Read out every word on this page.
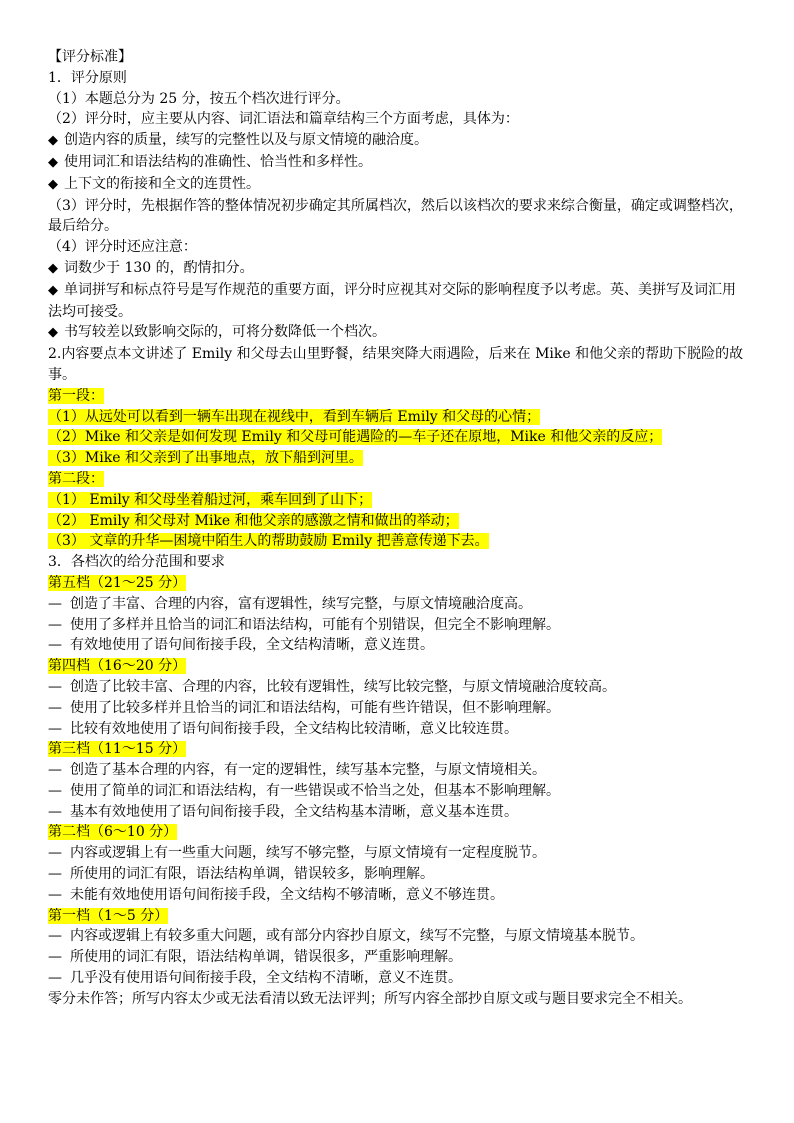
【评分标准】

1．评分原则

（1）本题总分为 25 分，按五个档次进行评分。

（2）评分时，应主要从内容、词汇语法和篇章结构三个方面考虑，具体为：

◆ 创造内容的质量，续写的完整性以及与原文情境的融洽度。

◆ 使用词汇和语法结构的准确性、恰当性和多样性。

◆ 上下文的衔接和全文的连贯性。

（3）评分时，先根据作答的整体情况初步确定其所属档次，然后以该档次的要求来综合衡量，确定或调整档次，最后给分。

（4）评分时还应注意：

◆ 词数少于 130 的，酌情扣分。

◆ 单词拼写和标点符号是写作规范的重要方面，评分时应视其对交际的影响程度予以考虑。英、美拼写及词汇用法均可接受。

◆ 书写较差以致影响交际的，可将分数降低一个档次。

2.内容要点本文讲述了 Emily 和父母去山里野餐，结果突降大雨遇险，后来在 Mike 和他父亲的帮助下脱险的故事。

第一段：

（1）从远处可以看到一辆车出现在视线中，看到车辆后 Emily 和父母的心情；

（2）Mike 和父亲是如何发现 Emily 和父母可能遇险的—车子还在原地，Mike 和他父亲的反应；

（3）Mike 和父亲到了出事地点，放下船到河里。

第二段：

（1） Emily 和父母坐着船过河，乘车回到了山下；

（2） Emily 和父母对 Mike 和他父亲的感激之情和做出的举动；

（3） 文章的升华—困境中陌生人的帮助鼓励 Emily 把善意传递下去。

3．各档次的给分范围和要求

第五档（21～25 分）

— 创造了丰富、合理的内容，富有逻辑性，续写完整，与原文情境融洽度高。

— 使用了多样并且恰当的词汇和语法结构，可能有个别错误，但完全不影响理解。

— 有效地使用了语句间衔接手段，全文结构清晰，意义连贯。

第四档（16～20 分）

— 创造了比较丰富、合理的内容，比较有逻辑性，续写比较完整，与原文情境融洽度较高。

— 使用了比较多样并且恰当的词汇和语法结构，可能有些许错误，但不影响理解。

— 比较有效地使用了语句间衔接手段，全文结构比较清晰，意义比较连贯。

第三档（11～15 分）

— 创造了基本合理的内容，有一定的逻辑性，续写基本完整，与原文情境相关。

— 使用了简单的词汇和语法结构，有一些错误或不恰当之处，但基本不影响理解。

— 基本有效地使用了语句间衔接手段，全文结构基本清晰，意义基本连贯。

第二档（6～10 分）

— 内容或逻辑上有一些重大问题，续写不够完整，与原文情境有一定程度脱节。

— 所使用的词汇有限，语法结构单调，错误较多，影响理解。

— 未能有效地使用语句间衔接手段，全文结构不够清晰，意义不够连贯。

第一档（1～5 分）

— 内容或逻辑上有较多重大问题，或有部分内容抄自原文，续写不完整，与原文情境基本脱节。

— 所使用的词汇有限，语法结构单调，错误很多，严重影响理解。

— 几乎没有使用语句间衔接手段，全文结构不清晰，意义不连贯。

零分未作答；所写内容太少或无法看清以致无法评判；所写内容全部抄自原文或与题目要求完全不相关。
